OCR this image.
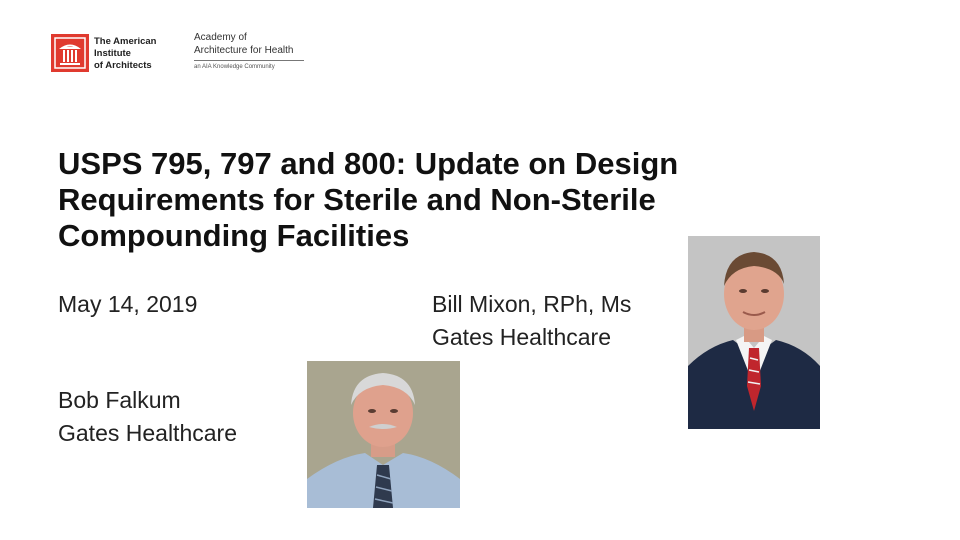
The American
Institute
of Architects
Academy of
Architecture for Health
an AIA Knowledge Community
USPS 795, 797 and 800: Update on Design
Requirements for Sterile and Non-Sterile
Compounding Facilities
May 14, 2019	Bill Mixon, RPh, Ms
Gates Healthcare
Bob Falkum
Gates Healthcare
